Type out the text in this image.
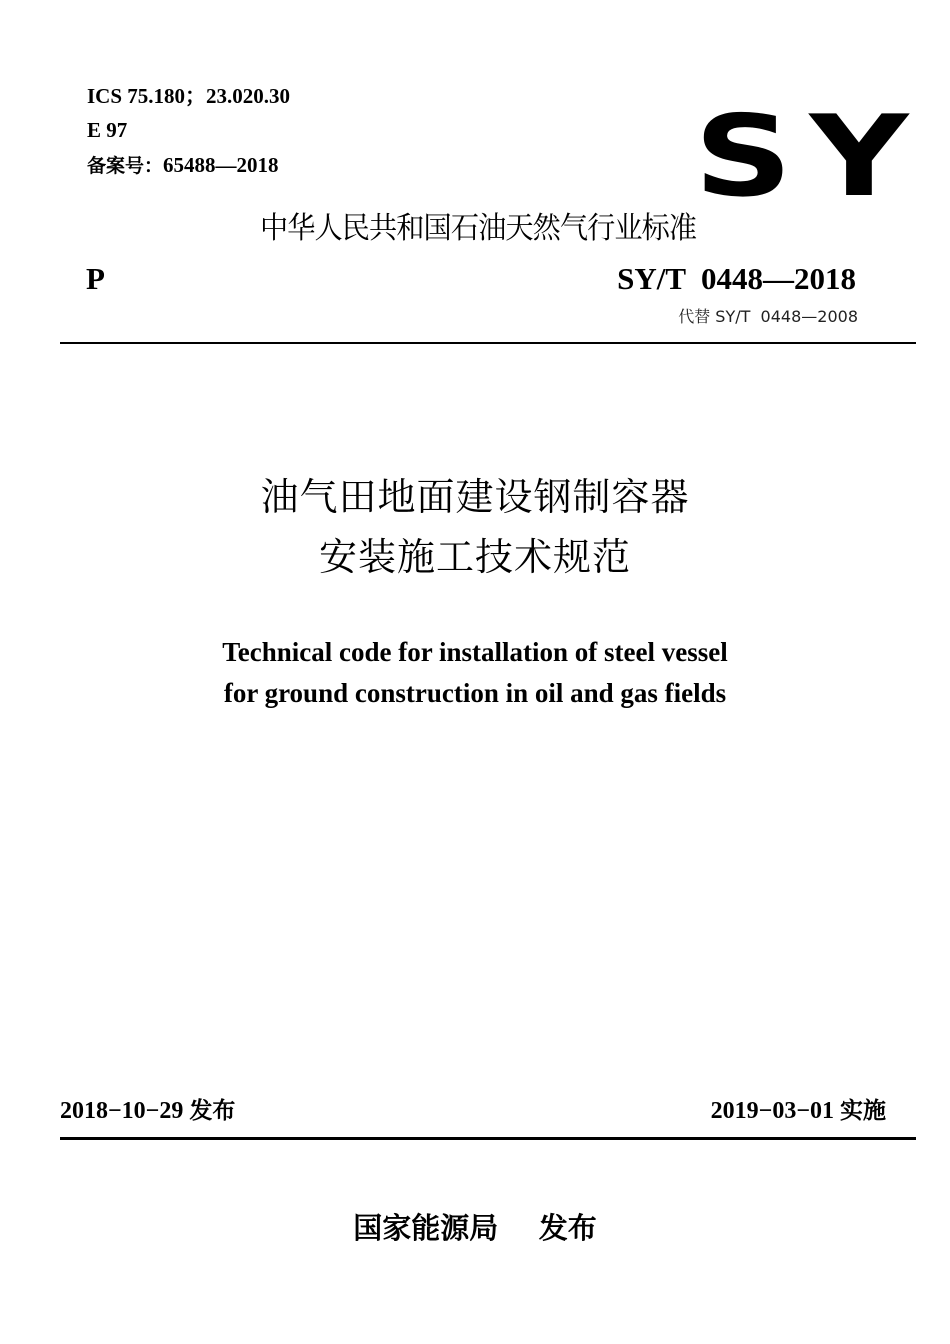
ICS 75.180；23.020.30
E 97
备案号：65488—2018	SY
中华人民共和国石油天然气行业标准
P	SY/T  0448—2018
代替 SY/T  0448—2008
油气田地面建设钢制容器
安装施工技术规范
Technical code for installation of steel vessel
for ground construction in oil and gas fields
2018−10−29 发布	2019−03−01 实施
国家能源局 发布
